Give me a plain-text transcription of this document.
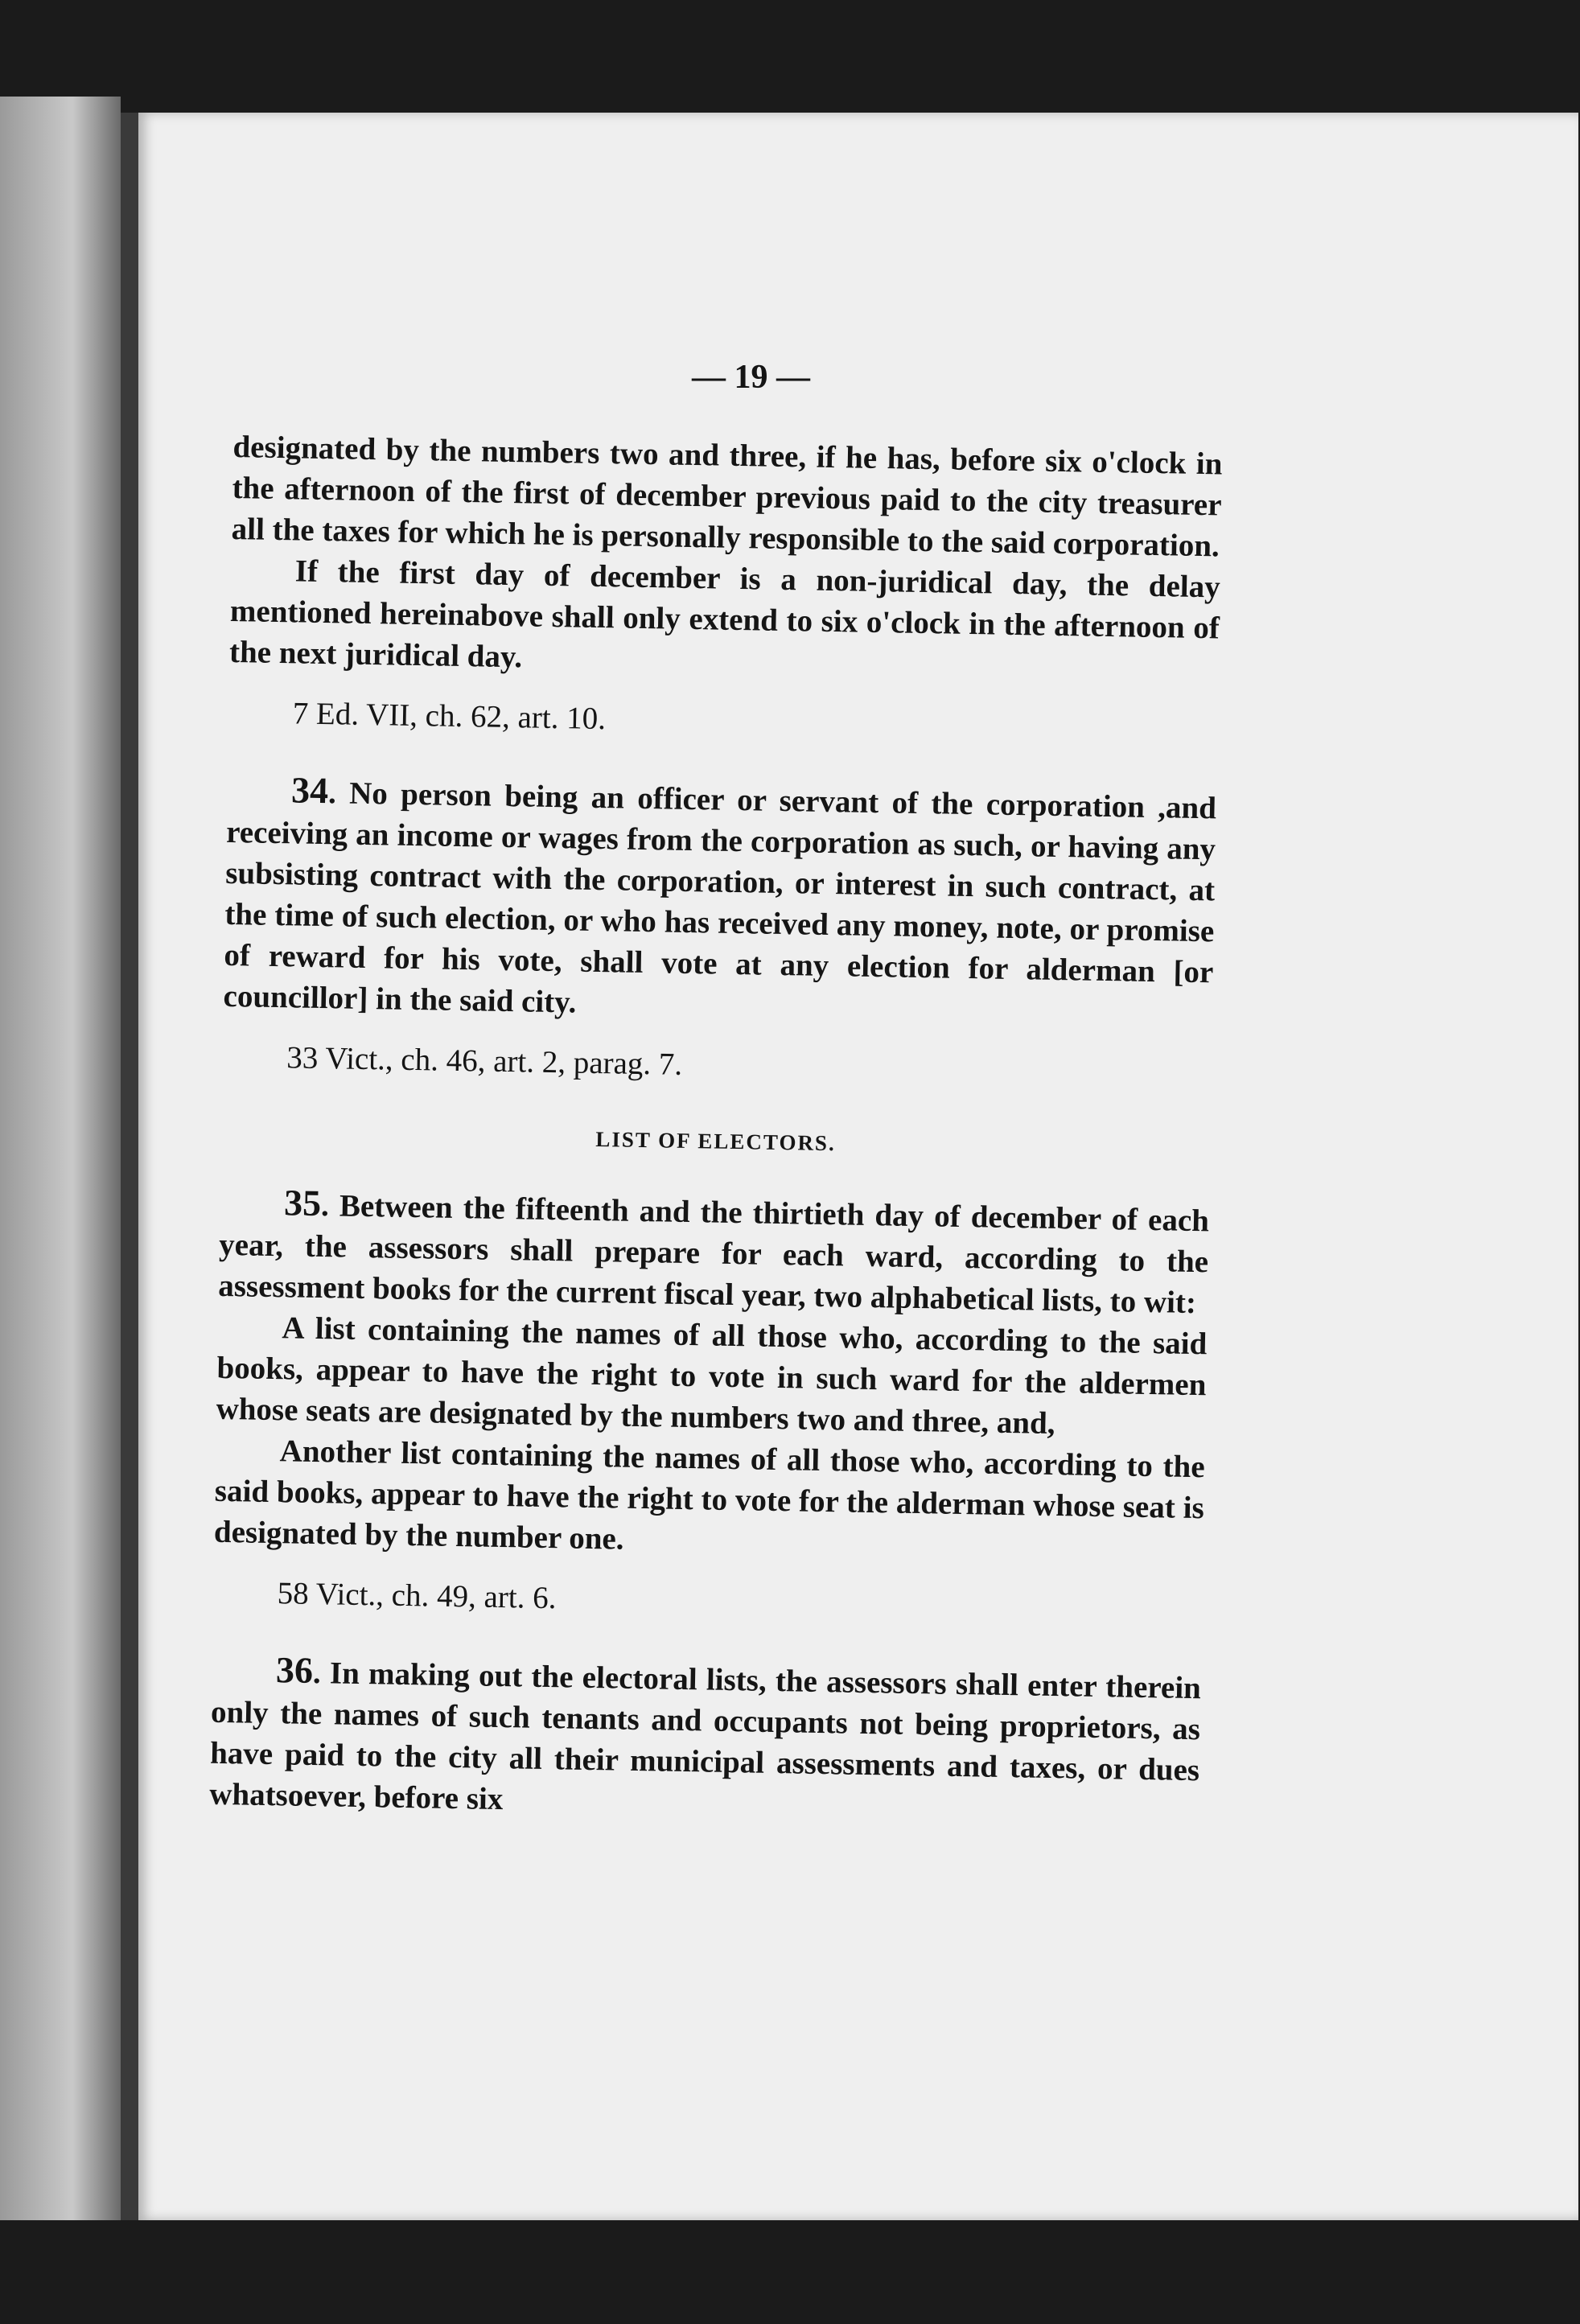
— 19 —

designated by the numbers two and three, if he has, before six o'clock in the afternoon of the first of december previous paid to the city treasurer all the taxes for which he is personally responsible to the said corporation.

If the first day of december is a non-juridical day, the delay mentioned hereinabove shall only extend to six o'clock in the afternoon of the next juridical day.

7 Ed. VII, ch. 62, art. 10.

34. No person being an officer or servant of the corporation ,and receiving an income or wages from the corporation as such, or having any subsisting contract with the corporation, or interest in such contract, at the time of such election, or who has received any money, note, or promise of reward for his vote, shall vote at any election for alderman [or councillor] in the said city.

33 Vict., ch. 46, art. 2, parag. 7.

LIST OF ELECTORS.

35. Between the fifteenth and the thirtieth day of december of each year, the assessors shall prepare for each ward, according to the assessment books for the current fiscal year, two alphabetical lists, to wit:

A list containing the names of all those who, according to the said books, appear to have the right to vote in such ward for the aldermen whose seats are designated by the numbers two and three, and,

Another list containing the names of all those who, according to the said books, appear to have the right to vote for the alderman whose seat is designated by the number one.

58 Vict., ch. 49, art. 6.

36. In making out the electoral lists, the assessors shall enter therein only the names of such tenants and occupants not being proprietors, as have paid to the city all their municipal assessments and taxes, or dues whatsoever, before six
